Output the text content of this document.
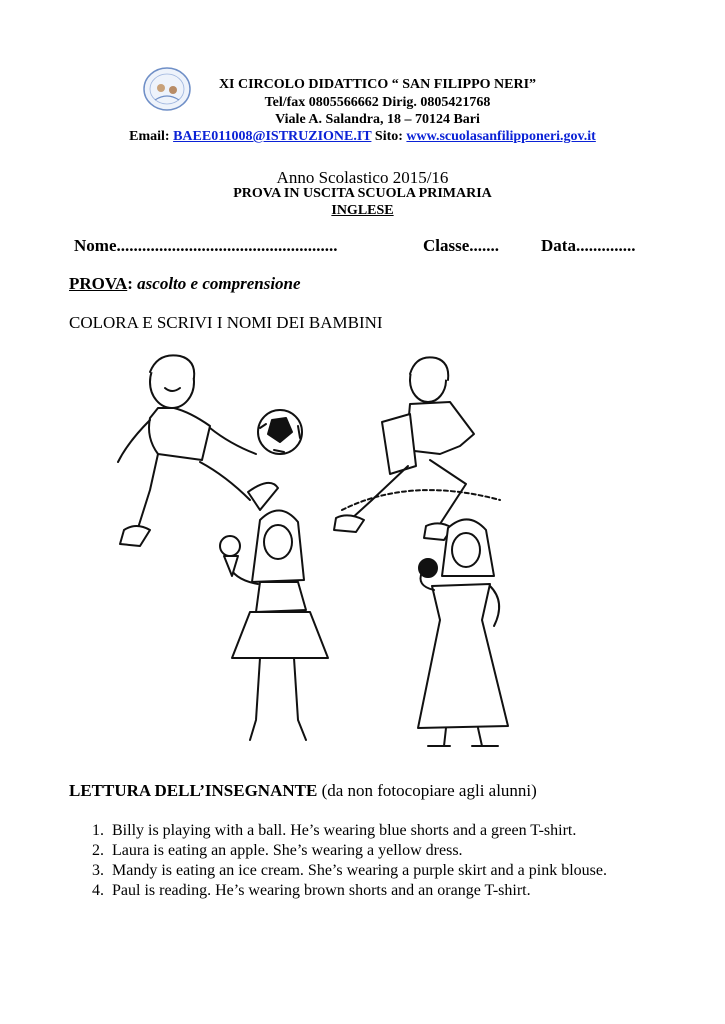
XI CIRCOLO DIDATTICO “ SAN FILIPPO NERI”
Tel/fax 0805566662 Dirig. 0805421768
Viale A. Salandra, 18 – 70124 Bari
Email: BAEE011008@ISTRUZIONE.IT Sito: www.scuolasanfilipponeri.gov.it
Anno Scolastico 2015/16
PROVA IN USCITA SCUOLA PRIMARIA
INGLESE
Nome....................................................	Classe....... Data..............
PROVA: ascolto e comprensione
COLORA E SCRIVI I NOMI DEI BAMBINI
LETTURA DELL’INSEGNANTE (da non fotocopiare agli alunni)
1. Billy is playing with a ball. He’s wearing blue shorts and a green T-shirt.
2. Laura is eating an apple. She’s wearing a yellow dress.
3. Mandy is eating an ice cream. She’s wearing a purple skirt and a pink blouse.
4. Paul is reading. He’s wearing brown shorts and an orange T-shirt.
